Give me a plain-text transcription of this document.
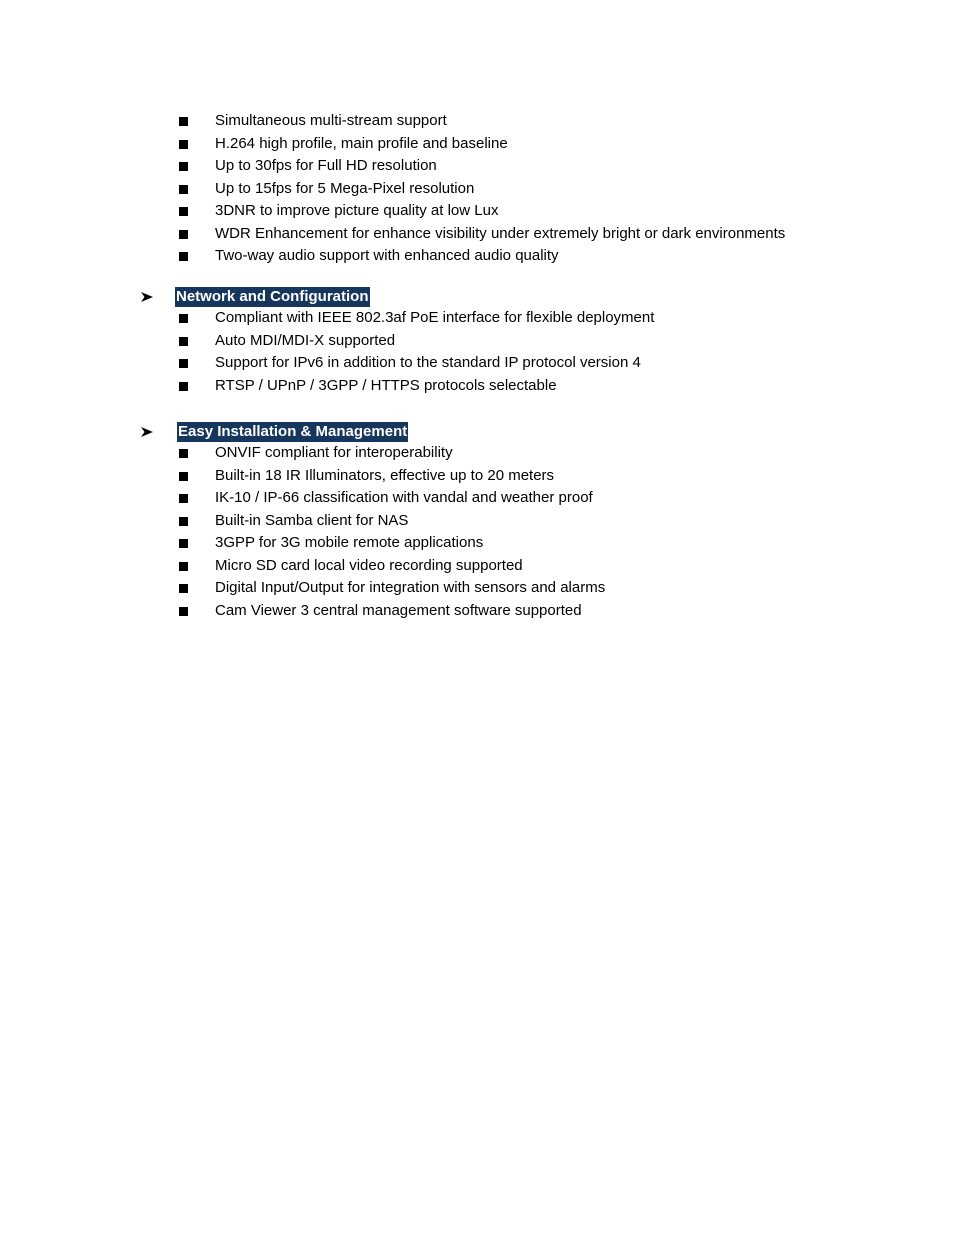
Simultaneous multi-stream support
H.264 high profile, main profile and baseline
Up to 30fps for Full HD resolution
Up to 15fps for 5 Mega-Pixel resolution
3DNR to improve picture quality at low Lux
WDR Enhancement for enhance visibility under extremely bright or dark environments
Two-way audio support with enhanced audio quality
Network and Configuration
Compliant with IEEE 802.3af PoE interface for flexible deployment
Auto MDI/MDI-X supported
Support for IPv6 in addition to the standard IP protocol version 4
RTSP / UPnP / 3GPP / HTTPS protocols selectable
Easy Installation & Management
ONVIF compliant for interoperability
Built-in 18 IR Illuminators, effective up to 20 meters
IK-10 / IP-66 classification with vandal and weather proof
Built-in Samba client for NAS
3GPP for 3G mobile remote applications
Micro SD card local video recording supported
Digital Input/Output for integration with sensors and alarms
Cam Viewer 3 central management software supported
